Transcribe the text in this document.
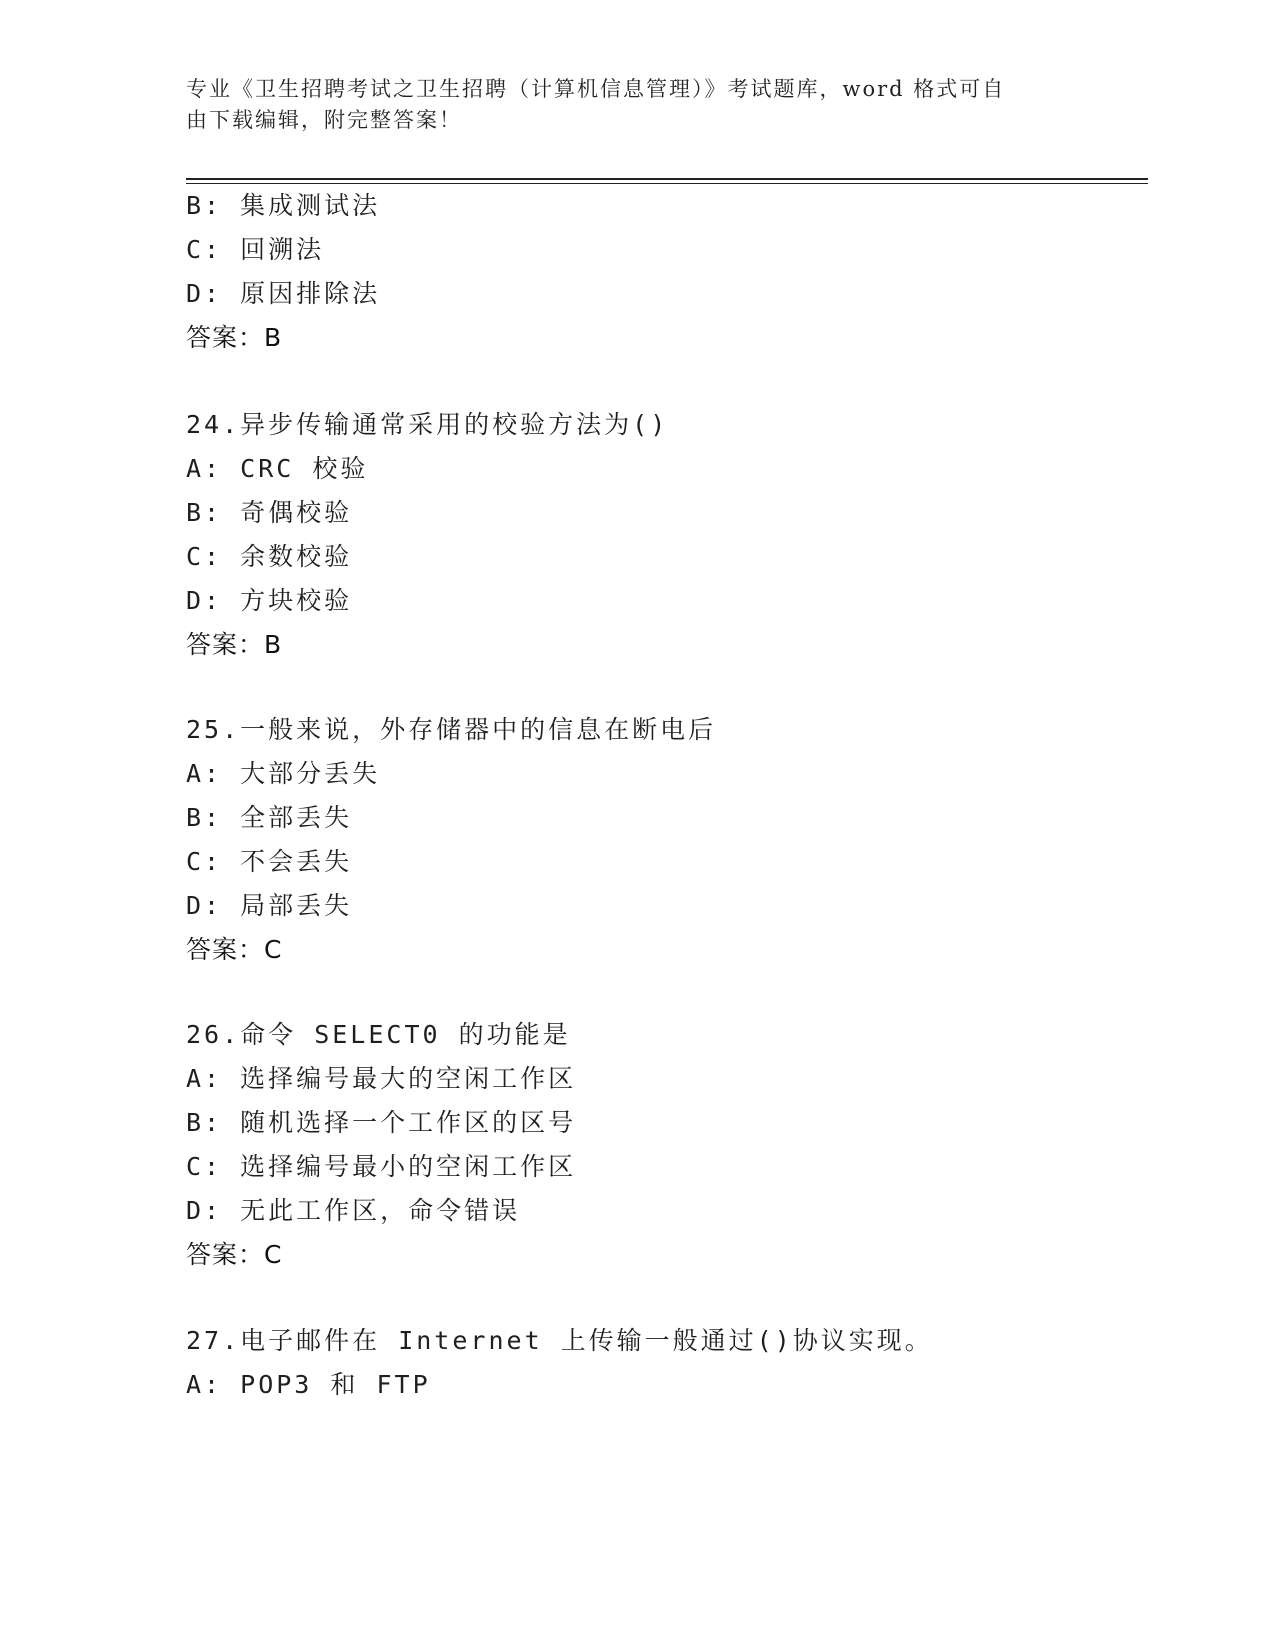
专业《卫生招聘考试之卫生招聘（计算机信息管理）》考试题库，word 格式可自
由下载编辑，附完整答案！
B: 集成测试法
C: 回溯法
D: 原因排除法
答案：B
24.异步传输通常采用的校验方法为()
A: CRC 校验
B: 奇偶校验
C: 余数校验
D: 方块校验
答案：B
25.一般来说，外存储器中的信息在断电后
A: 大部分丢失
B: 全部丢失
C: 不会丢失
D: 局部丢失
答案：C
26.命令 SELECT0 的功能是
A: 选择编号最大的空闲工作区
B: 随机选择一个工作区的区号
C: 选择编号最小的空闲工作区
D: 无此工作区，命令错误
答案：C
27.电子邮件在 Internet 上传输一般通过()协议实现。
A: POP3 和 FTP
